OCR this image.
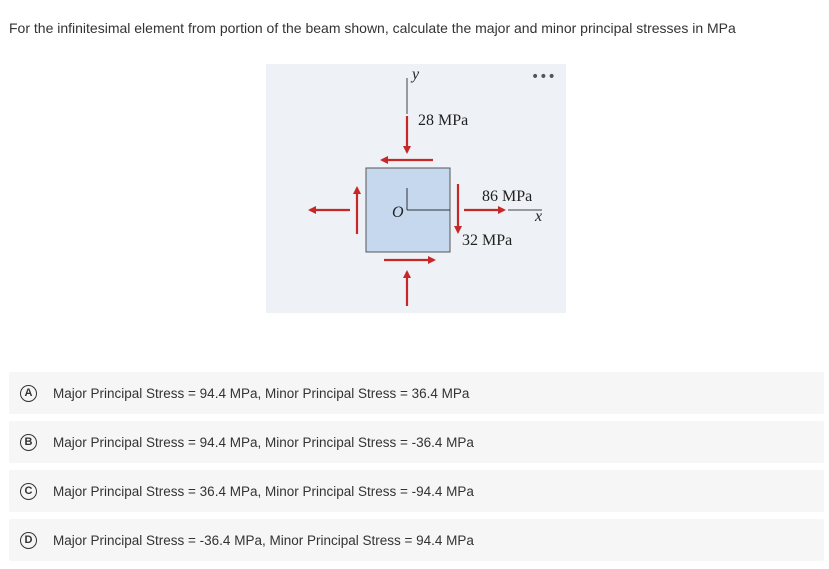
For the infinitesimal element from portion of the beam shown, calculate the major and minor principal stresses in MPa
y
28 MPa
86 MPa
x
O
32 MPa
•••
A	Major Principal Stress = 94.4 MPa, Minor Principal Stress = 36.4 MPa
B	Major Principal Stress = 94.4 MPa, Minor Principal Stress = -36.4 MPa
C	Major Principal Stress = 36.4 MPa, Minor Principal Stress = -94.4 MPa
D	Major Principal Stress = -36.4 MPa, Minor Principal Stress = 94.4 MPa
